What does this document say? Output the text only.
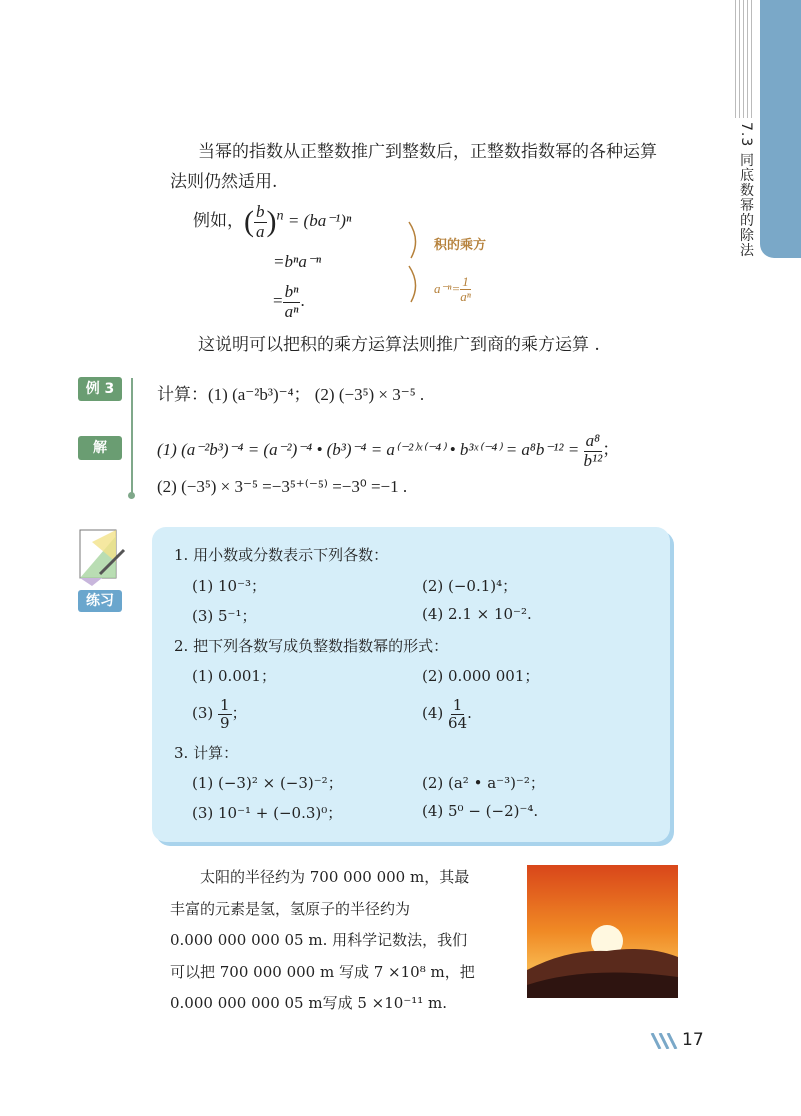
7.3 同底数幂的除法
当幂的指数从正整数推广到整数后，正整数指数幂的各种运算
法则仍然适用.
例如，( $\frac{b}{a} )^n = (ba^{-1})^n$
=bⁿa⁻ⁿ
= $\frac{\text{bⁿ}}{\text{aⁿ}}$ .
积的乘方
$a^{-n}= \frac{1}{\text{aⁿ}}$
这说明可以把积的乘方运算法则推广到商的乘方运算 .
例 3
解
计算：(1) (a⁻²b³)⁻⁴； (2) (−3⁵) × 3⁻⁵ .
(1) (a⁻²b³)⁻⁴ = (a⁻²)⁻⁴ • (b³)⁻⁴ = a⁽⁻²⁾ˣ⁽⁻⁴⁾ • b³ˣ⁽⁻⁴⁾ = $a^8b^{-12} = \frac{\text{a⁸}}{\text{b¹²}}$ ；
(2) (−3⁵) × 3⁻⁵ =−3⁵⁺⁽⁻⁵⁾ =−3⁰ =−1 .
练习
1. 用小数或分数表示下列各数：
(1) 10⁻³；	(2) (−0.1)⁴；
(3) 5⁻¹；	(4) 2.1 × 10⁻².
2. 把下列各数写成负整数指数幂的形式：
(1) 0.001；	(2) 0.000 001；
$(3) \frac{1}{9}$ ；	$(4) \frac{1}{64}$ .
3. 计算：
(1) (−3)² × (−3)⁻²；	(2) (a² • a⁻³)⁻²；
(3) 10⁻¹ + (−0.3)⁰；	(4) 5⁰ − (−2)⁻⁴.
太阳的半径约为 700 000 000 m，其最
丰富的元素是氢，氢原子的半径约为
0.000 000 000 05 m. 用科学记数法，我们
可以把 700 000 000 m 写成 7 ×10⁸ m，把
0.000 000 000 05 m写成 5 ×10⁻¹¹ m.
17
